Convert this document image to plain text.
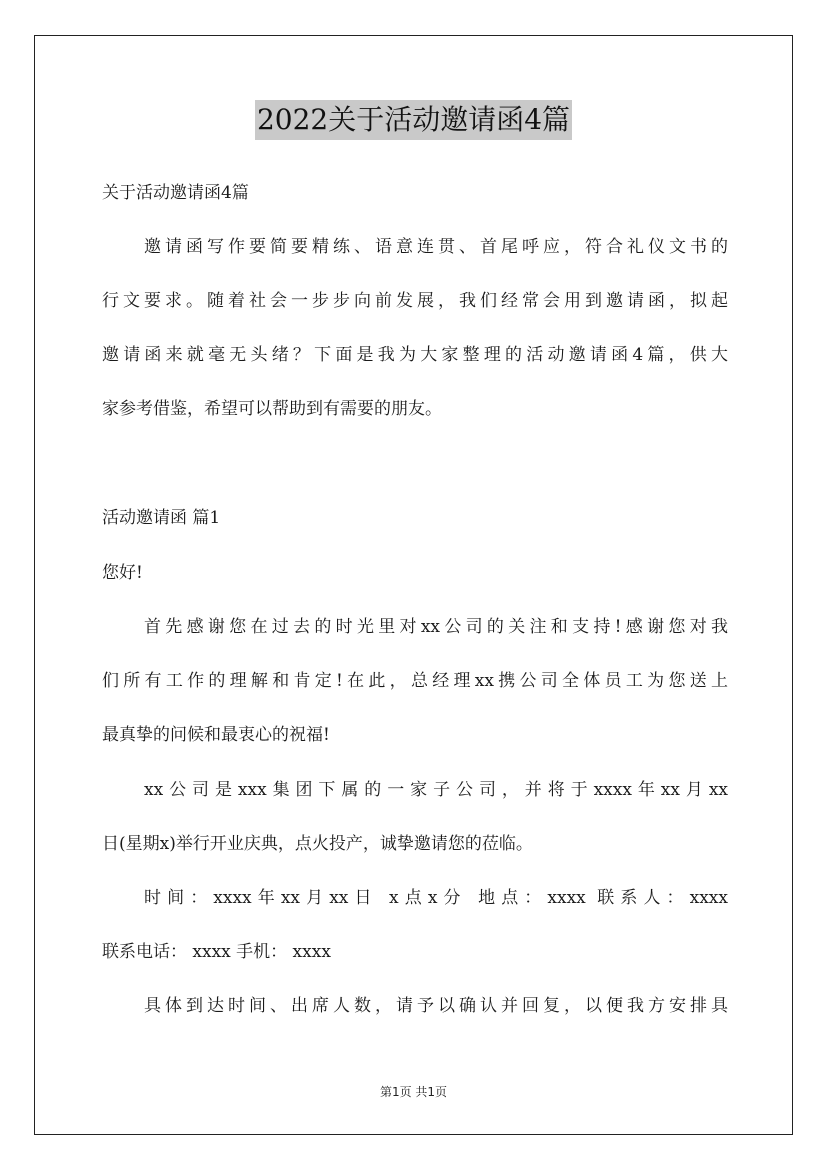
2022关于活动邀请函4篇
关于活动邀请函4篇
邀请函写作要简要精练、语意连贯、首尾呼应，符合礼仪文书的
行文要求。随着社会一步步向前发展，我们经常会用到邀请函，拟起
邀请函来就毫无头绪？下面是我为大家整理的活动邀请函4篇，供大
家参考借鉴，希望可以帮助到有需要的朋友。
活动邀请函 篇1
您好!
首先感谢您在过去的时光里对xx公司的关注和支持!感谢您对我
们所有工作的理解和肯定!在此，总经理xx携公司全体员工为您送上
最真挚的问候和最衷心的祝福!
xx公司是xxx集团下属的一家子公司，并将于xxxx年xx月xx
日(星期x)举行开业庆典，点火投产，诚挚邀请您的莅临。
时间：xxxx年xx月xx日 x点x分 地点：xxxx 联系人：xxxx
联系电话： xxxx 手机： xxxx
具体到达时间、出席人数，请予以确认并回复，以便我方安排具
第1页 共1页
